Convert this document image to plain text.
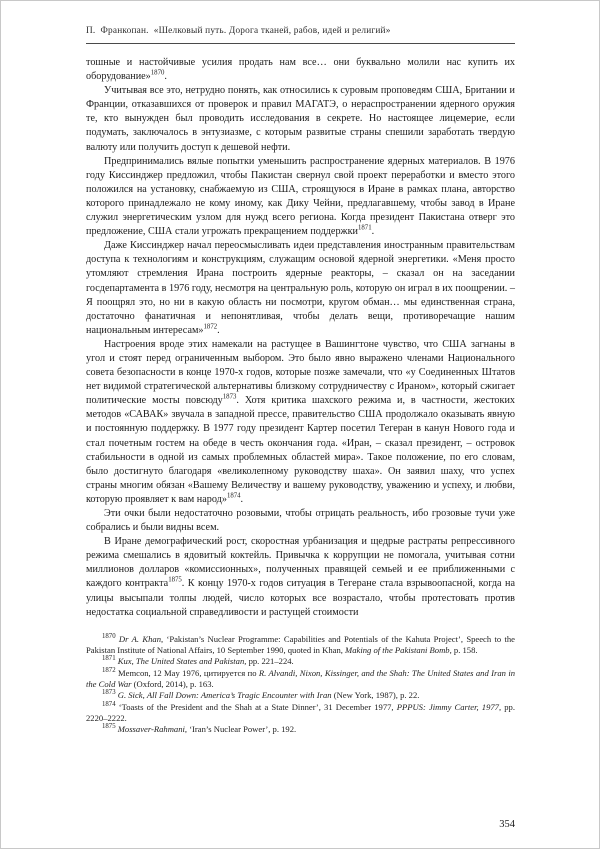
П.  Франкопан.  «Шелковый путь. Дорога тканей, рабов, идей и религий»

тошные и настойчивые усилия продать нам все… они буквально молили нас купить их оборудование»$^{1870}$.

Учитывая все это, нетрудно понять, как относились к суровым проповедям США, Британии и Франции, отказавшихся от проверок и правил МАГАТЭ, о нераспространении ядерного оружия те, кто вынужден был проводить исследования в секрете. Но настоящее лицемерие, если подумать, заключалось в энтузиазме, с которым развитые страны спешили заработать твердую валюту или получить доступ к дешевой нефти.

Предпринимались вялые попытки уменьшить распространение ядерных материалов. В 1976 году Киссинджер предложил, чтобы Пакистан свернул свой проект переработки и вместо этого положился на установку, снабжаемую из США, строящуюся в Иране в рамках плана, авторство которого принадлежало не кому иному, как Дику Чейни, предлагавшему, чтобы завод в Иране служил энергетическим узлом для нужд всего региона. Когда президент Пакистана отверг это предложение, США стали угрожать прекращением поддержки$^{1871}$.

Даже Киссинджер начал переосмысливать идеи представления иностранным правительствам доступа к технологиям и конструкциям, служащим основой ядерной энергетики. «Меня просто утомляют стремления Ирана построить ядерные реакторы, – сказал он на заседании госдепартамента в 1976 году, несмотря на центральную роль, которую он играл в их поощрении. – Я поощрял это, но ни в какую область ни посмотри, кругом обман… мы единственная страна, достаточно фанатичная и непонятливая, чтобы делать вещи, противоречащие нашим национальным интересам»$^{1872}$.

Настроения вроде этих намекали на растущее в Вашингтоне чувство, что США загнаны в угол и стоят перед ограниченным выбором. Это было явно выражено членами Национального совета безопасности в конце 1970-х годов, которые позже замечали, что «у Соединенных Штатов нет видимой стратегической альтернативы близкому сотрудничеству с Ираном», который сжигает политические мосты повсюду$^{1873}$. Хотя критика шахского режима и, в частности, жестоких методов «САВАК» звучала в западной прессе, правительство США продолжало оказывать явную и постоянную поддержку. В 1977 году президент Картер посетил Тегеран в канун Нового года и стал почетным гостем на обеде в честь окончания года. «Иран, – сказал президент, – островок стабильности в одной из самых проблемных областей мира». Такое положение, по его словам, было достигнуто благодаря «великолепному руководству шаха». Он заявил шаху, что успех страны многим обязан «Вашему Величеству и вашему руководству, уважению и успеху, и любви, которую проявляет к вам народ»$^{1874}$.

Эти очки были недостаточно розовыми, чтобы отрицать реальность, ибо грозовые тучи уже собрались и были видны всем.

В Иране демографический рост, скоростная урбанизация и щедрые растраты репрессивного режима смешались в ядовитый коктейль. Привычка к коррупции не помогала, учитывая сотни миллионов долларов «комиссионных», полученных правящей семьей и ее приближенными с каждого контракта$^{1875}$. К концу 1970-х годов ситуация в Тегеране стала взрывоопасной, когда на улицы высыпали толпы людей, число которых все возрастало, чтобы протестовать против недостатка социальной справедливости и растущей стоимости

$^{1870}$ Dr A. Khan, ‘Pakistan’s Nuclear Programme: Capabilities and Potentials of the Kahuta Project’, Speech to the Pakistan Institute of National Affairs, 10 September 1990, quoted in Khan, Making of the Pakistani Bomb, p. 158.

$^{1871}$ Kux, The United States and Pakistan, pp. 221–224.

$^{1872}$ Memcon, 12 May 1976, цитируется по R. Alvandi, Nixon, Kissinger, and the Shah: The United States and Iran in the Cold War (Oxford, 2014), p. 163.

$^{1873}$ G. Sick, All Fall Down: America’s Tragic Encounter with Iran (New York, 1987), p. 22.

$^{1874}$ ‘Toasts of the President and the Shah at a State Dinner’, 31 December 1977, PPPUS: Jimmy Carter, 1977, pp. 2220–2222.

$^{1875}$ Mossaver-Rahmani, ‘Iran’s Nuclear Power’, p. 192.

354
